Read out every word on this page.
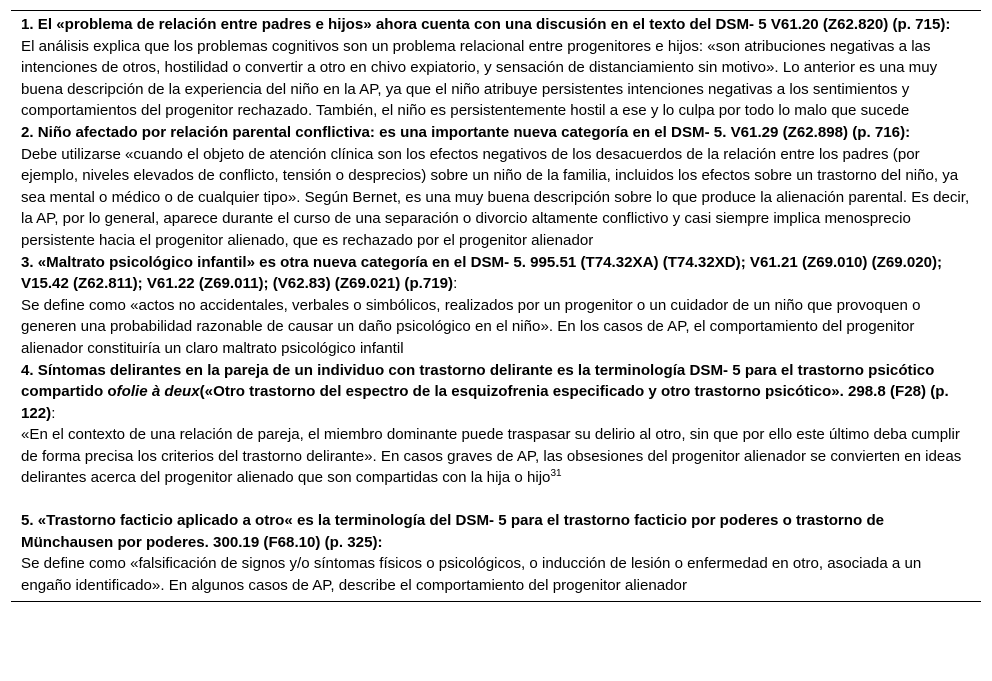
1. El «problema de relación entre padres e hijos» ahora cuenta con una discusión en el texto del DSM- 5 V61.20 (Z62.820) (p. 715):
El análisis explica que los problemas cognitivos son un problema relacional entre progenitores e hijos: «son atribuciones negativas a las intenciones de otros, hostilidad o convertir a otro en chivo expiatorio, y sensación de distanciamiento sin motivo». Lo anterior es una muy buena descripción de la experiencia del niño en la AP, ya que el niño atribuye persistentes intenciones negativas a los sentimientos y comportamientos del progenitor rechazado. También, el niño es persistentemente hostil a ese y lo culpa por todo lo malo que sucede
2. Niño afectado por relación parental conflictiva: es una importante nueva categoría en el DSM- 5. V61.29 (Z62.898) (p. 716):
Debe utilizarse «cuando el objeto de atención clínica son los efectos negativos de los desacuerdos de la relación entre los padres (por ejemplo, niveles elevados de conflicto, tensión o desprecios) sobre un niño de la familia, incluidos los efectos sobre un trastorno del niño, ya sea mental o médico o de cualquier tipo». Según Bernet, es una muy buena descripción sobre lo que produce la alienación parental. Es decir, la AP, por lo general, aparece durante el curso de una separación o divorcio altamente conflictivo y casi siempre implica menosprecio persistente hacia el progenitor alienado, que es rechazado por el progenitor alienador
3. «Maltrato psicológico infantil» es otra nueva categoría en el DSM- 5. 995.51 (T74.32XA) (T74.32XD); V61.21 (Z69.010) (Z69.020); V15.42 (Z62.811); V61.22 (Z69.011); (V62.83) (Z69.021) (p.719):
Se define como «actos no accidentales, verbales o simbólicos, realizados por un progenitor o un cuidador de un niño que provoquen o generen una probabilidad razonable de causar un daño psicológico en el niño». En los casos de AP, el comportamiento del progenitor alienador constituiría un claro maltrato psicológico infantil
4. Síntomas delirantes en la pareja de un individuo con trastorno delirante es la terminología DSM- 5 para el trastorno psicótico compartido ofolie à deux(«Otro trastorno del espectro de la esquizofrenia especificado y otro trastorno psicótico». 298.8 (F28) (p. 122):
«En el contexto de una relación de pareja, el miembro dominante puede traspasar su delirio al otro, sin que por ello este último deba cumplir de forma precisa los criterios del trastorno delirante». En casos graves de AP, las obsesiones del progenitor alienador se convierten en ideas delirantes acerca del progenitor alienado que son compartidas con la hija o hijo$^{31}$
5. «Trastorno facticio aplicado a otro« es la terminología del DSM- 5 para el trastorno facticio por poderes o trastorno de Münchausen por poderes. 300.19 (F68.10) (p. 325):
Se define como «falsificación de signos y/o síntomas físicos o psicológicos, o inducción de lesión o enfermedad en otro, asociada a un engaño identificado». En algunos casos de AP, describe el comportamiento del progenitor alienador
